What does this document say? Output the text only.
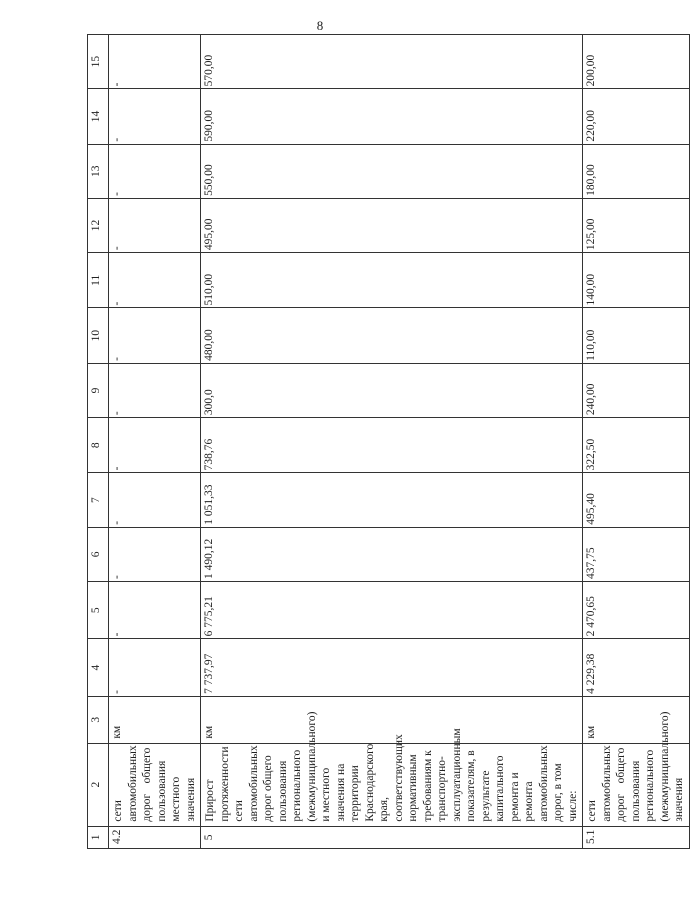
8
1	2	3	4	5	6	7	8	9	10	11	12	13	14	15
4.2	сети автомобильных дорог общего пользования местного значения	км	-	-	-	-	-	-	-	-	-	-	-	-
5	Прирост протяженности сети автомобильных дорог общего пользования регионального (межмуниципального) и местного значения на территории Краснодарского края, соответствующих нормативным требованиям к транспортно-эксплуатационным показателям, в результате капитального ремонта и ремонта автомобильных дорог, в том числе:	км	7 737,97	6 775,21	1 490,12	1 051,33	738,76	300,0	480,00	510,00	495,00	550,00	590,00	570,00
5.1	сети автомобильных дорог общего пользования регионального (межмуниципального) значения	км	4 229,38	2 470,65	437,75	495,40	322,50	240,00	110,00	140,00	125,00	180,00	220,00	200,00
